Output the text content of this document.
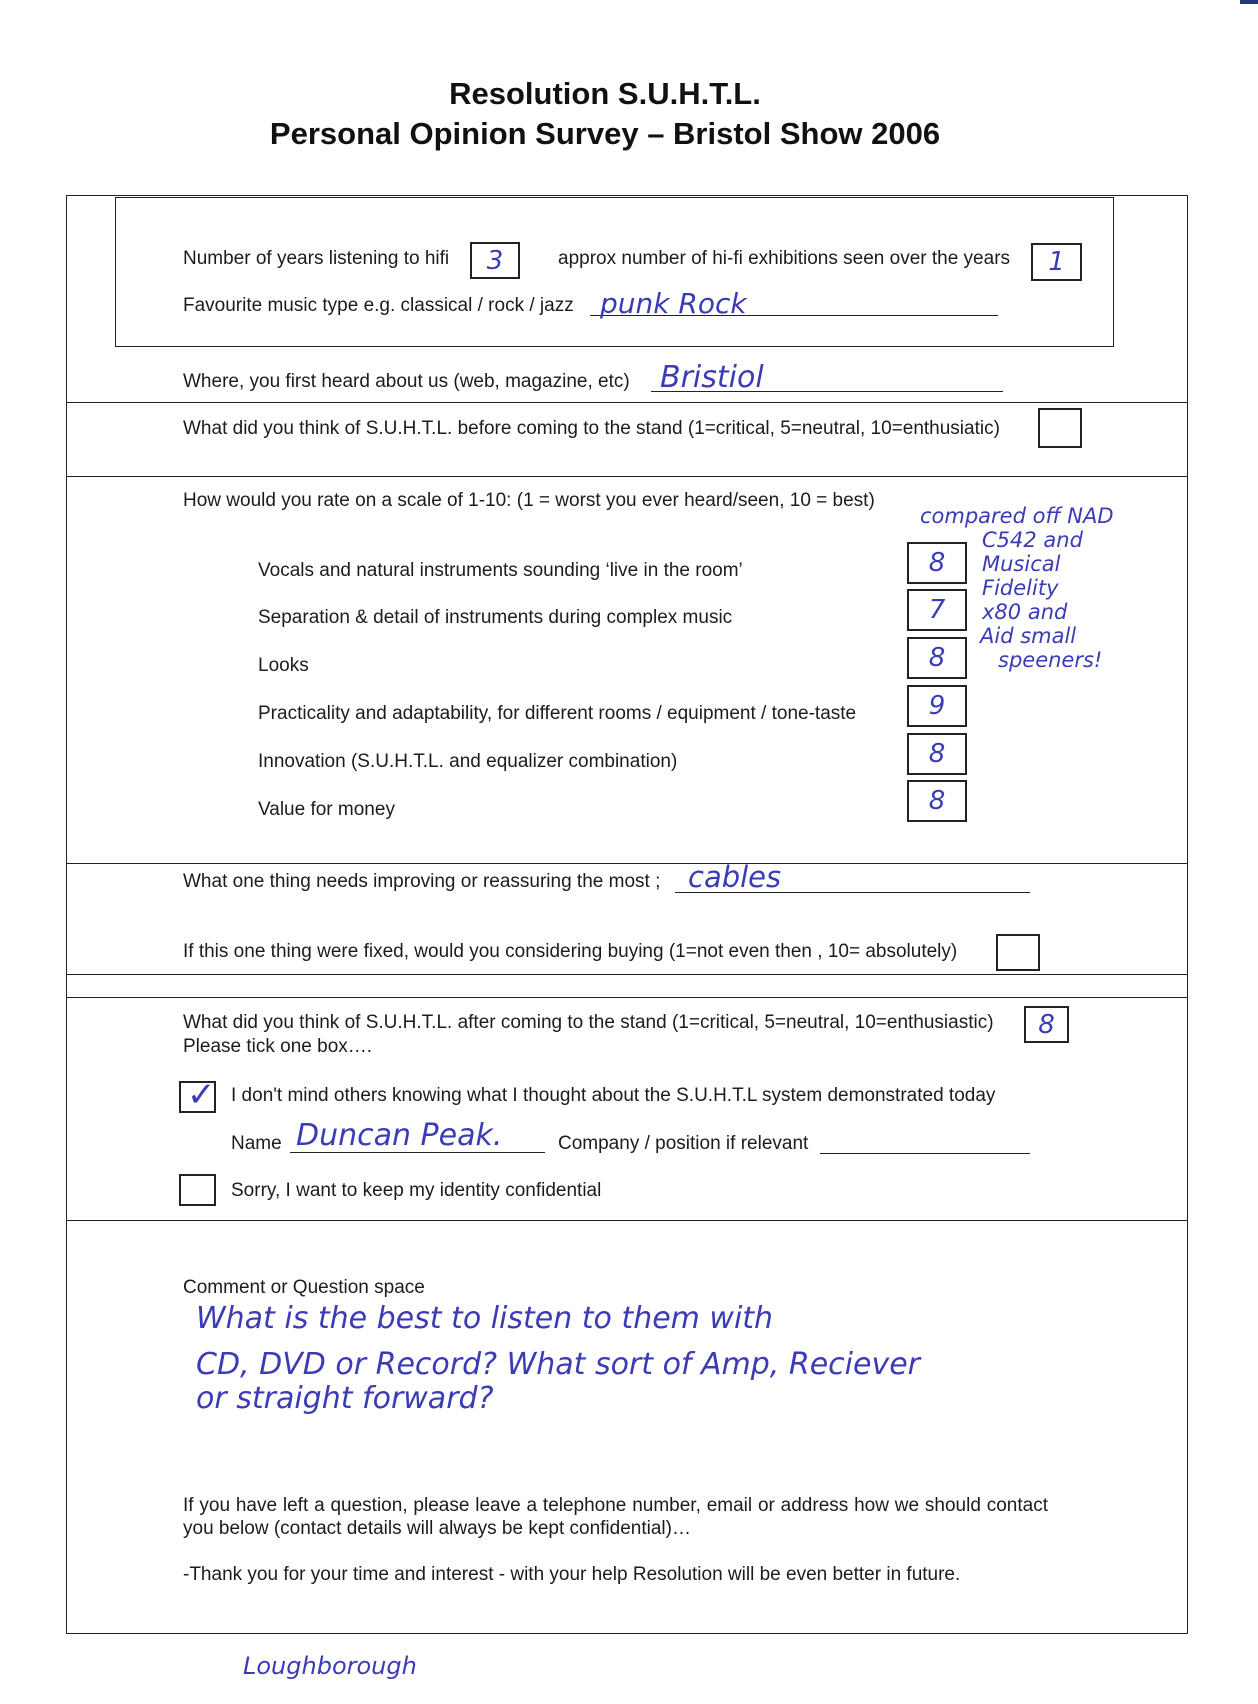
Resolution S.U.H.T.L.
Personal Opinion Survey – Bristol Show 2006
Number of years listening to hifi	3	approx number of hi-fi exhibitions seen over the years	1
Favourite music type e.g. classical / rock / jazz punk Rock
Where, you first heard about us (web, magazine, etc) Bristiol
What did you think of S.U.H.T.L. before coming to the stand (1=critical, 5=neutral, 10=enthusiatic)
How would you rate on a scale of 1-10: (1 = worst you ever heard/seen, 10 = best)
Vocals and natural instruments sounding ‘live in the room’	8
Separation & detail of instruments during complex music	7
Looks	8
Practicality and adaptability, for different rooms / equipment / tone-taste	9
Innovation (S.U.H.T.L. and equalizer combination)	8
Value for money	8
compared off NAD
C542 and
Musical
Fidelity
x80 and
Aid small
speeners!
What one thing needs improving or reassuring the most ; cables
If this one thing were fixed, would you considering buying (1=not even then , 10= absolutely)
What did you think of S.U.H.T.L. after coming to the stand (1=critical, 5=neutral, 10=enthusiastic)	8
Please tick one box….
✓ I don't mind others knowing what I thought about the S.U.H.T.L system demonstrated today
Name Duncan Peak.	Company / position if relevant
Sorry, I want to keep my identity confidential
Comment or Question space
What is the best to listen to them with
CD, DVD or Record? What sort of Amp, Reciever
or straight forward?
If you have left a question, please leave a telephone number, email or address how we should contact you below (contact details will always be kept confidential)…
-Thank you for your time and interest - with your help Resolution will be even better in future.
Loughborough
